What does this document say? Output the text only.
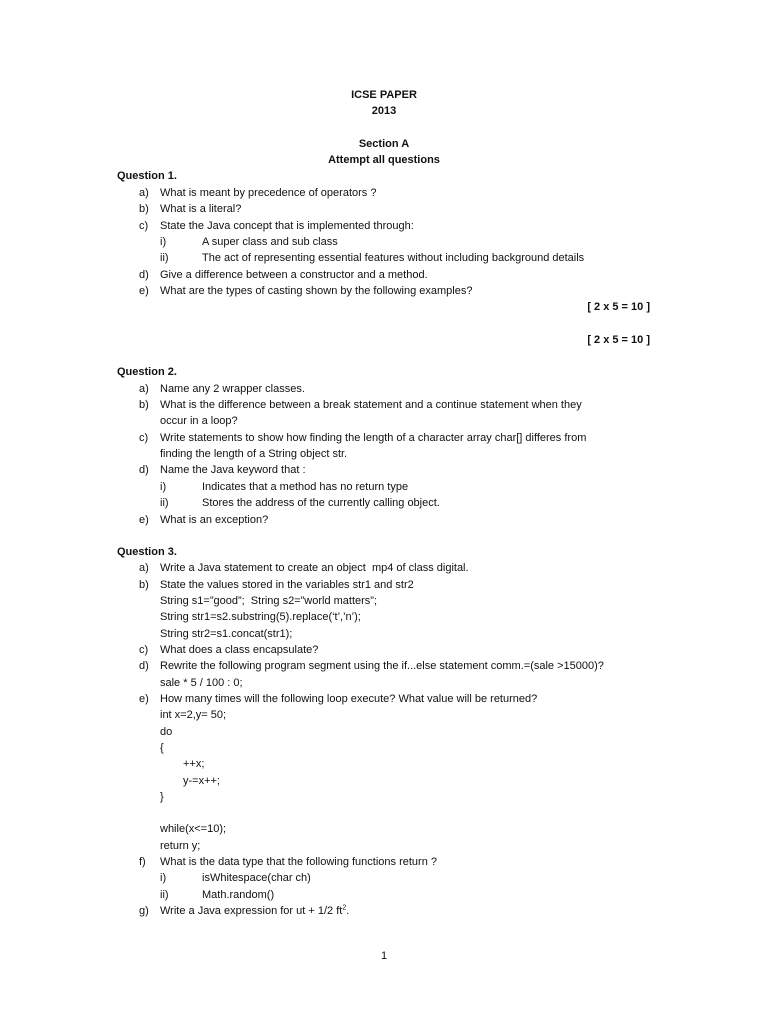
ICSE PAPER
2013
Section A
Attempt all questions
Question 1.
a) What is meant by precedence of operators ?
b) What is a literal?
c) State the Java concept that is implemented through:
i)	A super class and sub class
ii)	The act of representing essential features without including background details
d) Give a difference between a constructor and a method.
e) What are the types of casting shown by the following examples?
[ 2 x 5 = 10 ]
[ 2 x 5 = 10 ]
Question 2.
a) Name any 2 wrapper classes.
b) What is the difference between a break statement and a continue statement when they
occur in a loop?
c) Write statements to show how finding the length of a character array char[] differes from
finding the length of a String object str.
d) Name the Java keyword that :
i)	Indicates that a method has no return type
ii)	Stores the address of the currently calling object.
e) What is an exception?
Question 3.
a) Write a Java statement to create an object  mp4 of class digital.
b) State the values stored in the variables str1 and str2
String s1=”good”;  String s2=”world matters”;
String str1=s2.substring(5).replace(‘t’,’n’);
String str2=s1.concat(str1);
c) What does a class encapsulate?
d) Rewrite the following program segment using the if...else statement comm.=(sale >15000)?
sale * 5 / 100 : 0;
e) How many times will the following loop execute? What value will be returned?
int x=2,y= 50;
do
{
++x;
y-=x++;
}
while(x<=10);
return y;
f) What is the data type that the following functions return ?
i)	isWhitespace(char ch)
ii)	Math.random()
g) Write a Java expression for ut + 1/2 $ft^2$.
1
